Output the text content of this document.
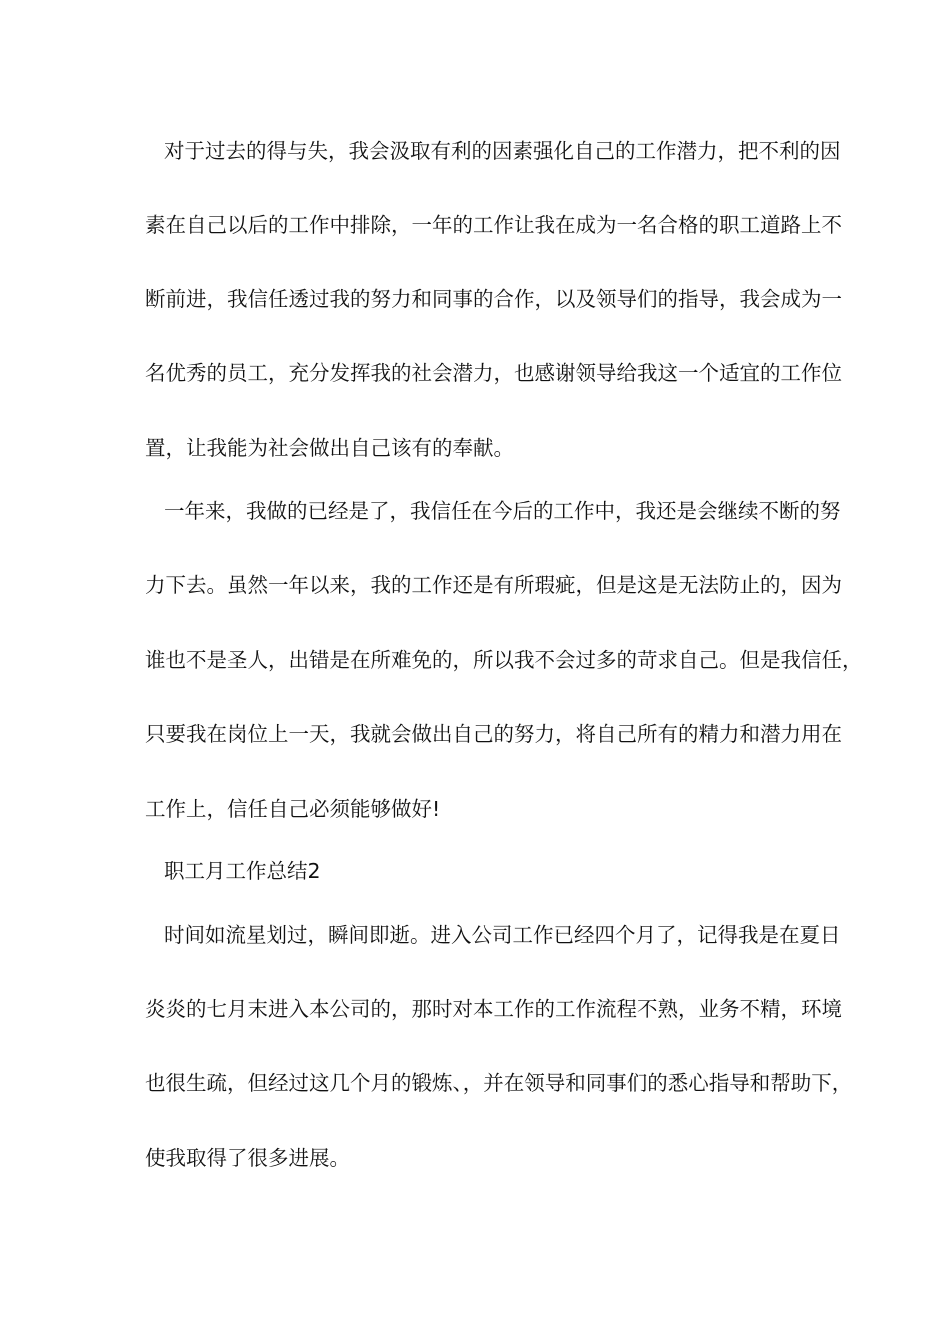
对于过去的得与失，我会汲取有利的因素强化自己的工作潜力，把不利的因
素在自己以后的工作中排除，一年的工作让我在成为一名合格的职工道路上不
断前进，我信任透过我的努力和同事的合作，以及领导们的指导，我会成为一
名优秀的员工，充分发挥我的社会潜力，也感谢领导给我这一个适宜的工作位
置，让我能为社会做出自己该有的奉献。
一年来，我做的已经是了，我信任在今后的工作中，我还是会继续不断的努
力下去。虽然一年以来，我的工作还是有所瑕疵，但是这是无法防止的，因为
谁也不是圣人，出错是在所难免的，所以我不会过多的苛求自己。但是我信任，
只要我在岗位上一天，我就会做出自己的努力，将自己所有的精力和潜力用在
工作上，信任自己必须能够做好!
职工月工作总结2
时间如流星划过，瞬间即逝。进入公司工作已经四个月了，记得我是在夏日
炎炎的七月末进入本公司的，那时对本工作的工作流程不熟，业务不精，环境
也很生疏，但经过这几个月的锻炼、，并在领导和同事们的悉心指导和帮助下，
使我取得了很多进展。
